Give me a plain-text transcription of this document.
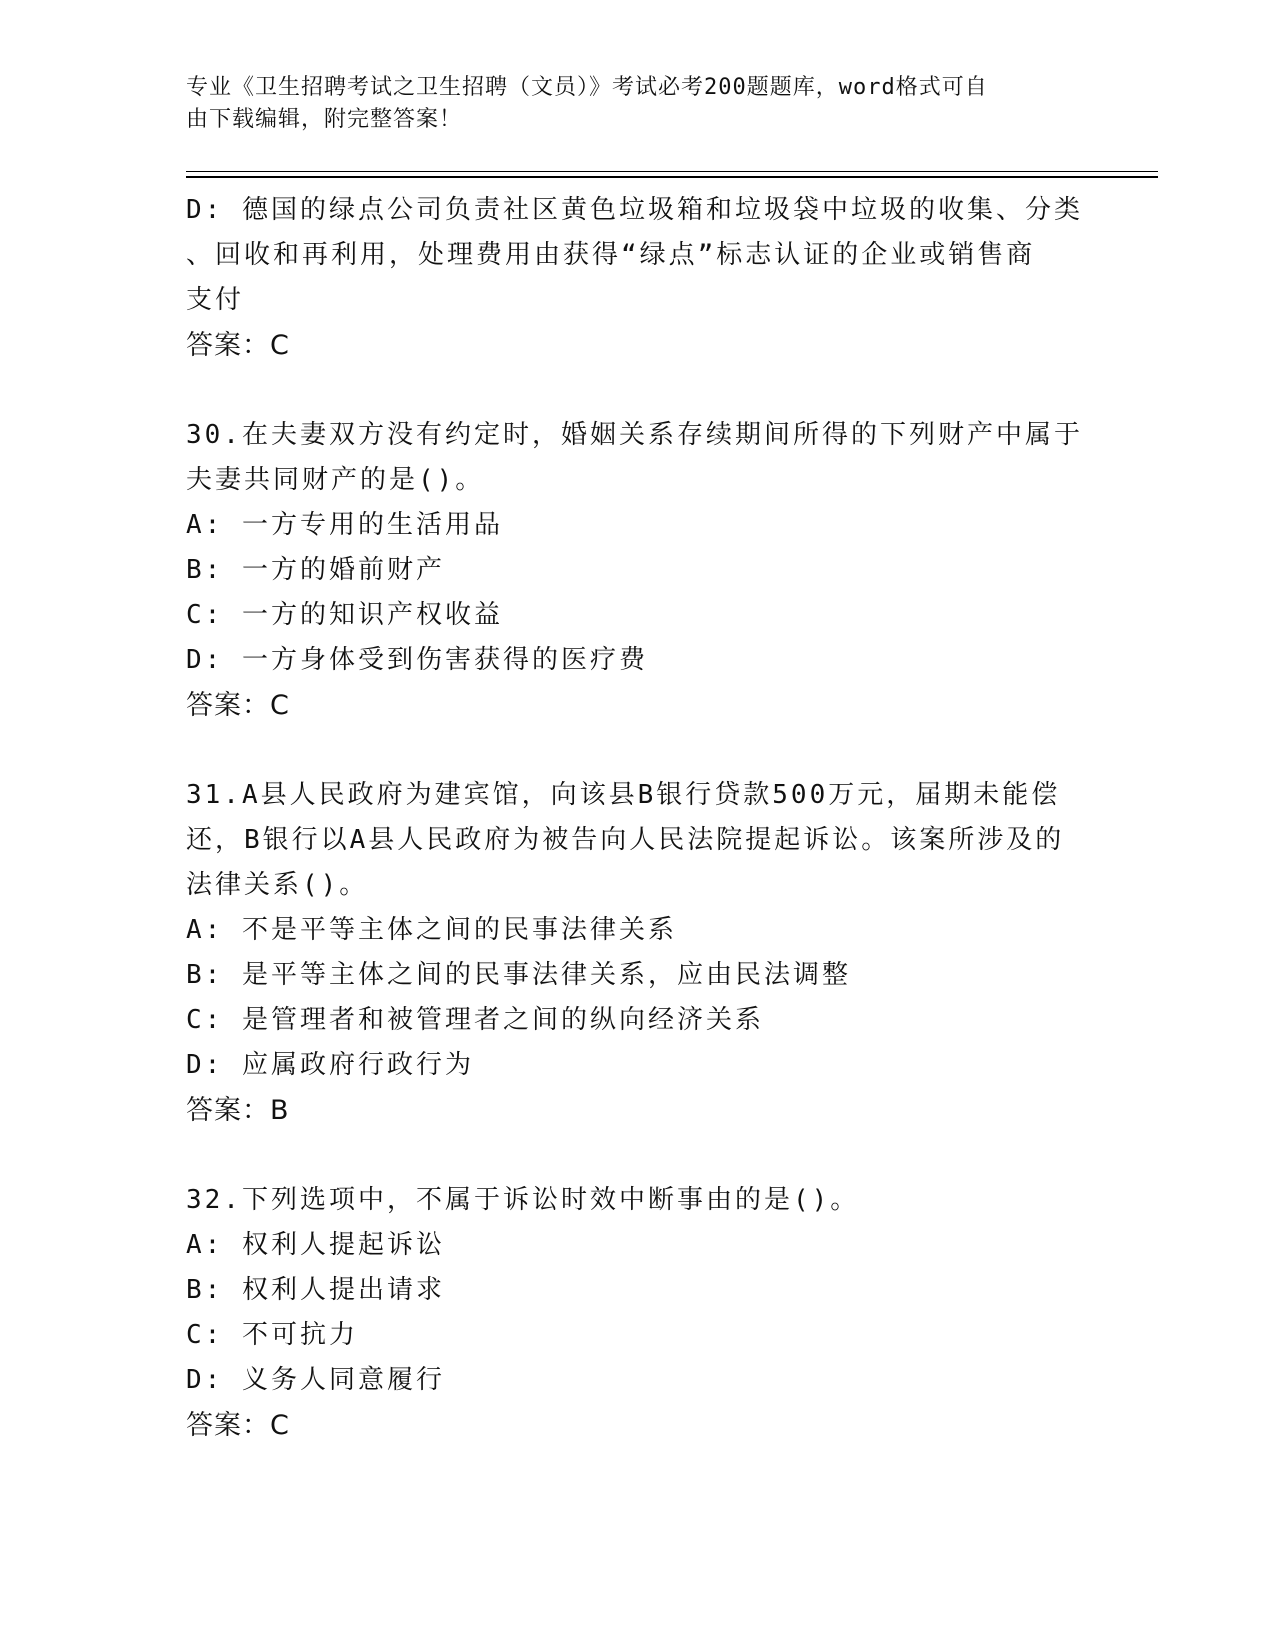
专业《卫生招聘考试之卫生招聘（文员）》考试必考200题题库，word格式可自
由下载编辑，附完整答案！
D: 德国的绿点公司负责社区黄色垃圾箱和垃圾袋中垃圾的收集、分类
、回收和再利用，处理费用由获得“绿点”标志认证的企业或销售商
支付
答案：C
30.在夫妻双方没有约定时，婚姻关系存续期间所得的下列财产中属于
夫妻共同财产的是()。
A: 一方专用的生活用品
B: 一方的婚前财产
C: 一方的知识产权收益
D: 一方身体受到伤害获得的医疗费
答案：C
31.A县人民政府为建宾馆，向该县B银行贷款500万元，届期未能偿
还，B银行以A县人民政府为被告向人民法院提起诉讼。该案所涉及的
法律关系()。
A: 不是平等主体之间的民事法律关系
B: 是平等主体之间的民事法律关系，应由民法调整
C: 是管理者和被管理者之间的纵向经济关系
D: 应属政府行政行为
答案：B
32.下列选项中，不属于诉讼时效中断事由的是()。
A: 权利人提起诉讼
B: 权利人提出请求
C: 不可抗力
D: 义务人同意履行
答案：C
